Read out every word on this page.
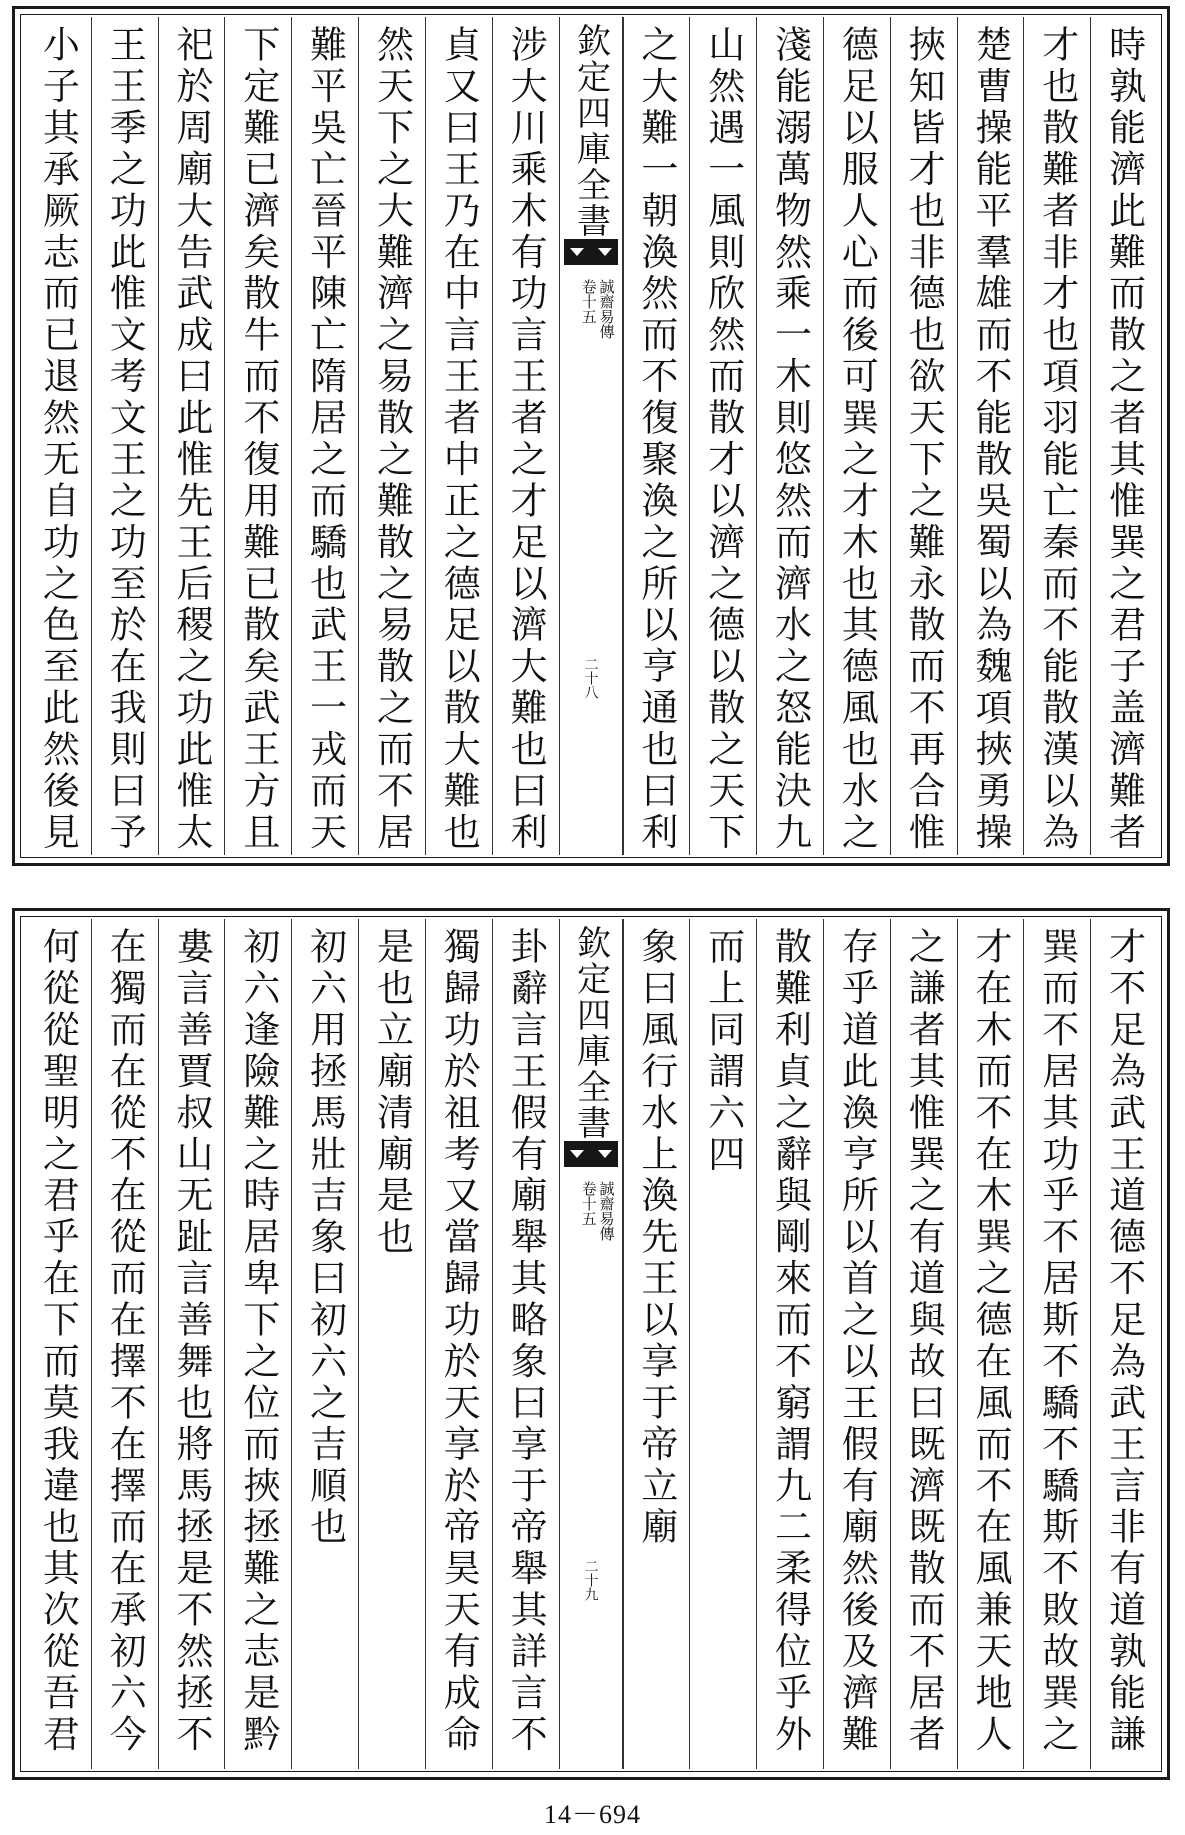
時孰能濟此難而散之者其惟巽之君子盖濟難者
才也散難者非才也項羽能亡秦而不能散漢以為
楚曹操能平羣雄而不能散吳蜀以為魏項挾勇操
挾知皆才也非德也欲天下之難永散而不再合惟
德足以服人心而後可巽之才木也其德風也水之
淺能溺萬物然乘一木則悠然而濟水之怒能決九
山然遇一風則欣然而散才以濟之德以散之天下
之大難一朝渙然而不復聚渙之所以亨通也曰利
欽定四庫全書
誠齋易傳
卷十五
二十八
涉大川乘木有功言王者之才足以濟大難也曰利
貞又曰王乃在中言王者中正之德足以散大難也
然天下之大難濟之易散之難散之易散之而不居
難平吳亡晉平陳亡隋居之而驕也武王一戎而天
下定難已濟矣散牛而不復用難已散矣武王方且
祀於周廟大告武成曰此惟先王后稷之功此惟太
王王季之功此惟文考文王之功至於在我則曰予
小子其承厥志而已退然无自功之色至此然後見
才不足為武王道德不足為武王言非有道孰能謙
巽而不居其功乎不居斯不驕不驕斯不敗故巽之
才在木而不在木巽之德在風而不在風兼天地人
之謙者其惟巽之有道與故曰既濟既散而不居者
存乎道此渙亨所以首之以王假有廟然後及濟難
散難利貞之辭與剛來而不窮謂九二柔得位乎外
而上同謂六四
象曰風行水上渙先王以享于帝立廟
欽定四庫全書
誠齋易傳
卷十五
二十九
卦辭言王假有廟舉其略象曰享于帝舉其詳言不
獨歸功於祖考又當歸功於天享於帝昊天有成命
是也立廟清廟是也
初六用拯馬壯吉象曰初六之吉順也
初六逢險難之時居卑下之位而挾拯難之志是黔
婁言善賈叔山无趾言善舞也將馬拯是不然拯不
在獨而在從不在從而在擇不在擇而在承初六今
何從從聖明之君乎在下而莫我違也其次從吾君
14－694
